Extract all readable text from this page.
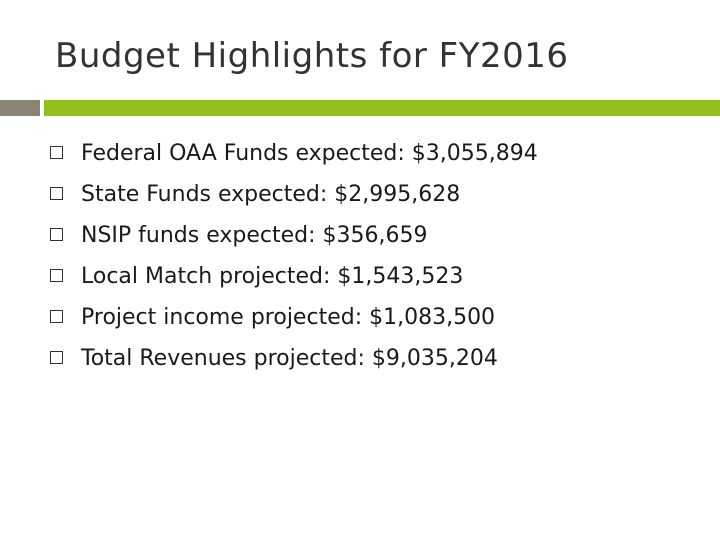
Budget Highlights for FY2016
Federal OAA Funds expected: $3,055,894
State Funds expected: $2,995,628
NSIP funds expected: $356,659
Local Match projected: $1,543,523
Project income projected: $1,083,500
Total Revenues projected: $9,035,204
